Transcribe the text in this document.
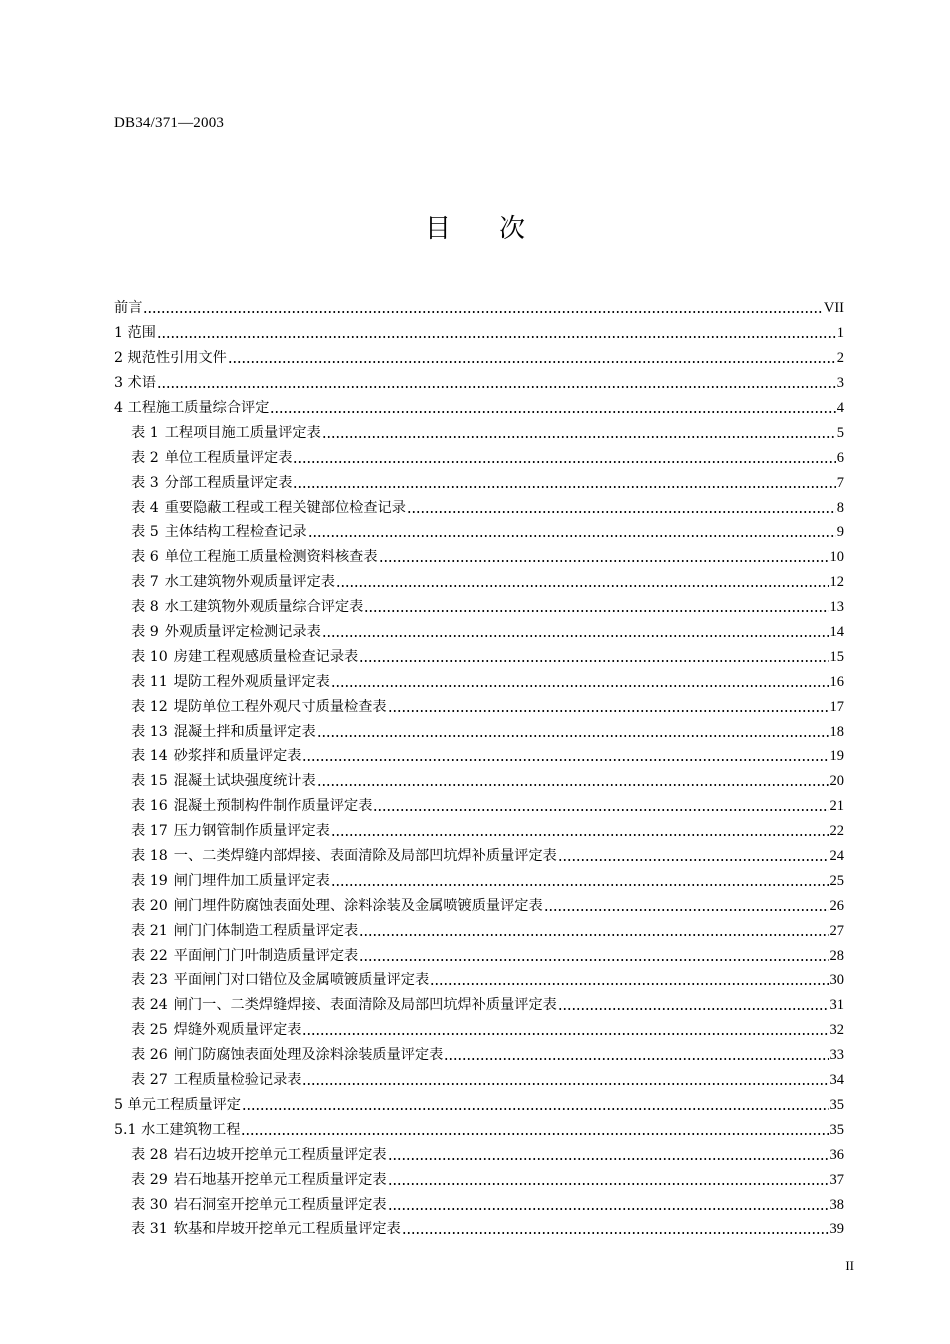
DB34/371—2003
目 次
前言	VII
1 范围	1
2 规范性引用文件	2
3 术语	3
4 工程施工质量综合评定	4
表 1 工程项目施工质量评定表	5
表 2 单位工程质量评定表	6
表 3 分部工程质量评定表	7
表 4 重要隐蔽工程或工程关键部位检查记录	8
表 5 主体结构工程检查记录	9
表 6 单位工程施工质量检测资料核查表	10
表 7 水工建筑物外观质量评定表	12
表 8 水工建筑物外观质量综合评定表	13
表 9 外观质量评定检测记录表	14
表 10 房建工程观感质量检查记录表	15
表 11 堤防工程外观质量评定表	16
表 12 堤防单位工程外观尺寸质量检查表	17
表 13 混凝土拌和质量评定表	18
表 14 砂浆拌和质量评定表	19
表 15 混凝土试块强度统计表	20
表 16 混凝土预制构件制作质量评定表	21
表 17 压力钢管制作质量评定表	22
表 18 一、二类焊缝内部焊接、表面清除及局部凹坑焊补质量评定表	24
表 19 闸门埋件加工质量评定表	25
表 20 闸门埋件防腐蚀表面处理、涂料涂装及金属喷镀质量评定表	26
表 21 闸门门体制造工程质量评定表	27
表 22 平面闸门门叶制造质量评定表	28
表 23 平面闸门对口错位及金属喷镀质量评定表	30
表 24 闸门一、二类焊缝焊接、表面清除及局部凹坑焊补质量评定表	31
表 25 焊缝外观质量评定表	32
表 26 闸门防腐蚀表面处理及涂料涂装质量评定表	33
表 27 工程质量检验记录表	34
5 单元工程质量评定	35
5.1 水工建筑物工程	35
表 28 岩石边坡开挖单元工程质量评定表	36
表 29 岩石地基开挖单元工程质量评定表	37
表 30 岩石洞室开挖单元工程质量评定表	38
表 31 软基和岸坡开挖单元工程质量评定表	39
II
